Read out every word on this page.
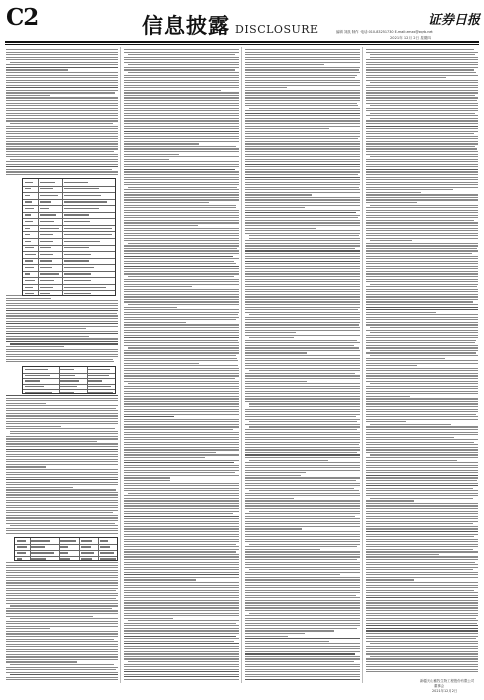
C2	信息披露 DISCLOSURE
证券日报
编辑 刘凯 制作 ·电话:010-83251730 E-mail:zmzx@zqrb.net
2021年 12月 2日 星期四
新疆天山畜牧生物工程股份有限公司
董事会
2021年12月2日
